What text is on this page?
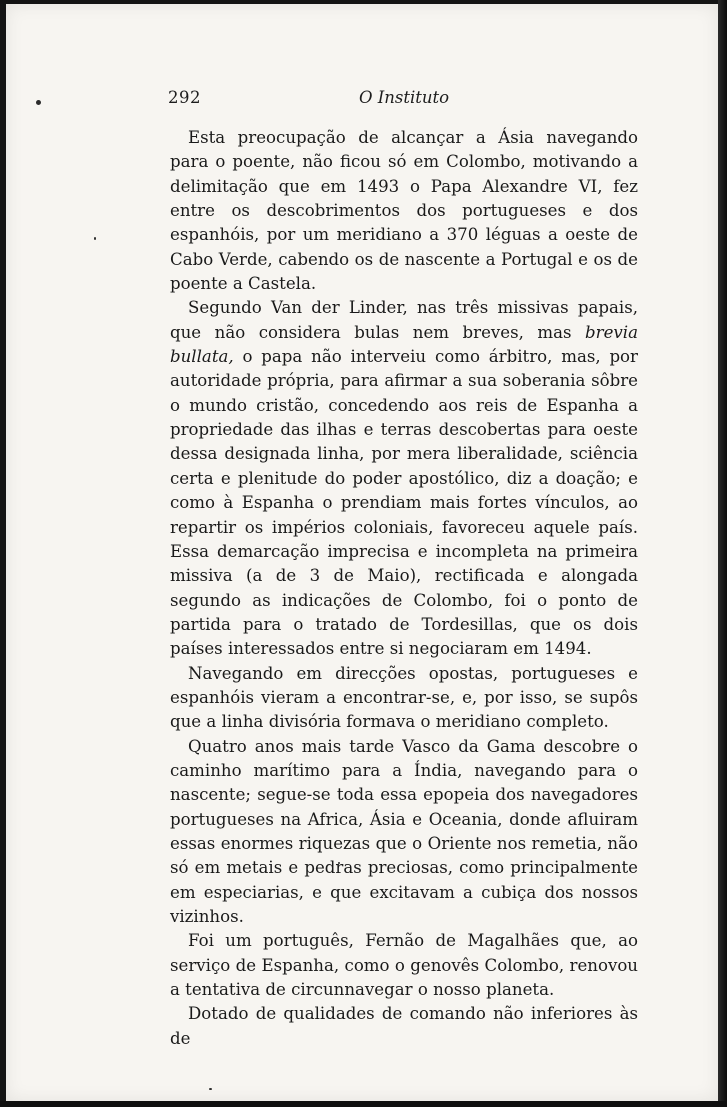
292	O Instituto

Esta preocupação de alcançar a Ásia navegando para o poente, não ficou só em Colombo, motivando a delimitação que em 1493 o Papa Alexandre VI, fez entre os descobrimentos dos portugueses e dos espanhóis, por um meridiano a 370 léguas a oeste de Cabo Verde, cabendo os de nascente a Portugal e os de poente a Castela.

Segundo Van der Linder, nas três missivas papais, que não considera bulas nem breves, mas brevia bullata, o papa não interveiu como árbitro, mas, por autoridade própria, para afirmar a sua soberania sôbre o mundo cristão, concedendo aos reis de Espanha a propriedade das ilhas e terras descobertas para oeste dessa designada linha, por mera liberalidade, sciência certa e plenitude do poder apostólico, diz a doação; e como à Espanha o prendiam mais fortes vínculos, ao repartir os impérios coloniais, favoreceu aquele país. Essa demarcação imprecisa e incompleta na primeira missiva (a de 3 de Maio), rectificada e alongada segundo as indicações de Colombo, foi o ponto de partida para o tratado de Tordesillas, que os dois países interessados entre si negociaram em 1494.

Navegando em direcções opostas, portugueses e espanhóis vieram a encontrar-se, e, por isso, se supôs que a linha divisória formava o meridiano completo.

Quatro anos mais tarde Vasco da Gama descobre o caminho marítimo para a Índia, navegando para o nascente; segue-se toda essa epopeia dos navegadores portugueses na Africa, Ásia e Oceania, donde afluiram essas enormes riquezas que o Oriente nos remetia, não só em metais e pedras preciosas, como principalmente em especiarias, e que excitavam a cubiça dos nossos vizinhos.

Foi um português, Fernão de Magalhães que, ao serviço de Espanha, como o genovês Colombo, renovou a tentativa de circunnavegar o nosso planeta.

Dotado de qualidades de comando não inferiores às de
